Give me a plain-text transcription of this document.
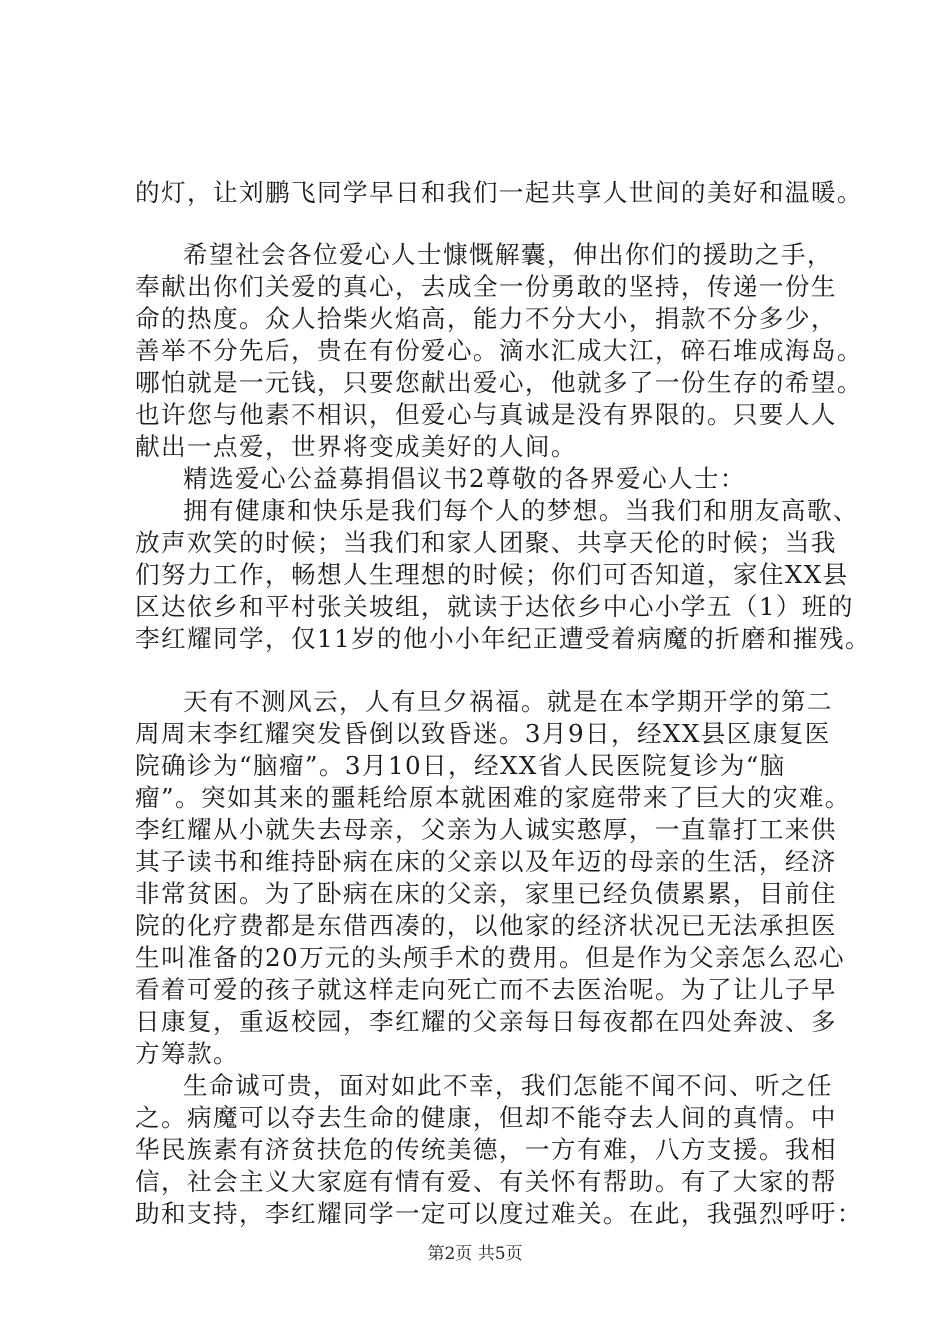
的灯，让刘鹏飞同学早日和我们一起共享人世间的美好和温暖。
希望社会各位爱心人士慷慨解囊，伸出你们的援助之手，
奉献出你们关爱的真心，去成全一份勇敢的坚持，传递一份生
命的热度。众人拾柴火焰高，能力不分大小，捐款不分多少，
善举不分先后，贵在有份爱心。滴水汇成大江，碎石堆成海岛。
哪怕就是一元钱，只要您献出爱心，他就多了一份生存的希望。
也许您与他素不相识，但爱心与真诚是没有界限的。只要人人
献出一点爱，世界将变成美好的人间。
精选爱心公益募捐倡议书2尊敬的各界爱心人士：
拥有健康和快乐是我们每个人的梦想。当我们和朋友高歌、
放声欢笑的时候；当我们和家人团聚、共享天伦的时候；当我
们努力工作，畅想人生理想的时候；你们可否知道，家住XX县
区达依乡和平村张关坡组，就读于达依乡中心小学五（1）班的
李红耀同学，仅11岁的他小小年纪正遭受着病魔的折磨和摧残。
天有不测风云，人有旦夕祸福。就是在本学期开学的第二
周周末李红耀突发昏倒以致昏迷。3月9日，经XX县区康复医
院确诊为“脑瘤”。3月10日，经XX省人民医院复诊为“脑
瘤”。突如其来的噩耗给原本就困难的家庭带来了巨大的灾难。
李红耀从小就失去母亲，父亲为人诚实憨厚，一直靠打工来供
其子读书和维持卧病在床的父亲以及年迈的母亲的生活，经济
非常贫困。为了卧病在床的父亲，家里已经负债累累，目前住
院的化疗费都是东借西凑的，以他家的经济状况已无法承担医
生叫准备的20万元的头颅手术的费用。但是作为父亲怎么忍心
看着可爱的孩子就这样走向死亡而不去医治呢。为了让儿子早
日康复，重返校园，李红耀的父亲每日每夜都在四处奔波、多
方筹款。
生命诚可贵，面对如此不幸，我们怎能不闻不问、听之任
之。病魔可以夺去生命的健康，但却不能夺去人间的真情。中
华民族素有济贫扶危的传统美德，一方有难，八方支援。我相
信，社会主义大家庭有情有爱、有关怀有帮助。有了大家的帮
助和支持，李红耀同学一定可以度过难关。在此，我强烈呼吁：
第2页 共5页
